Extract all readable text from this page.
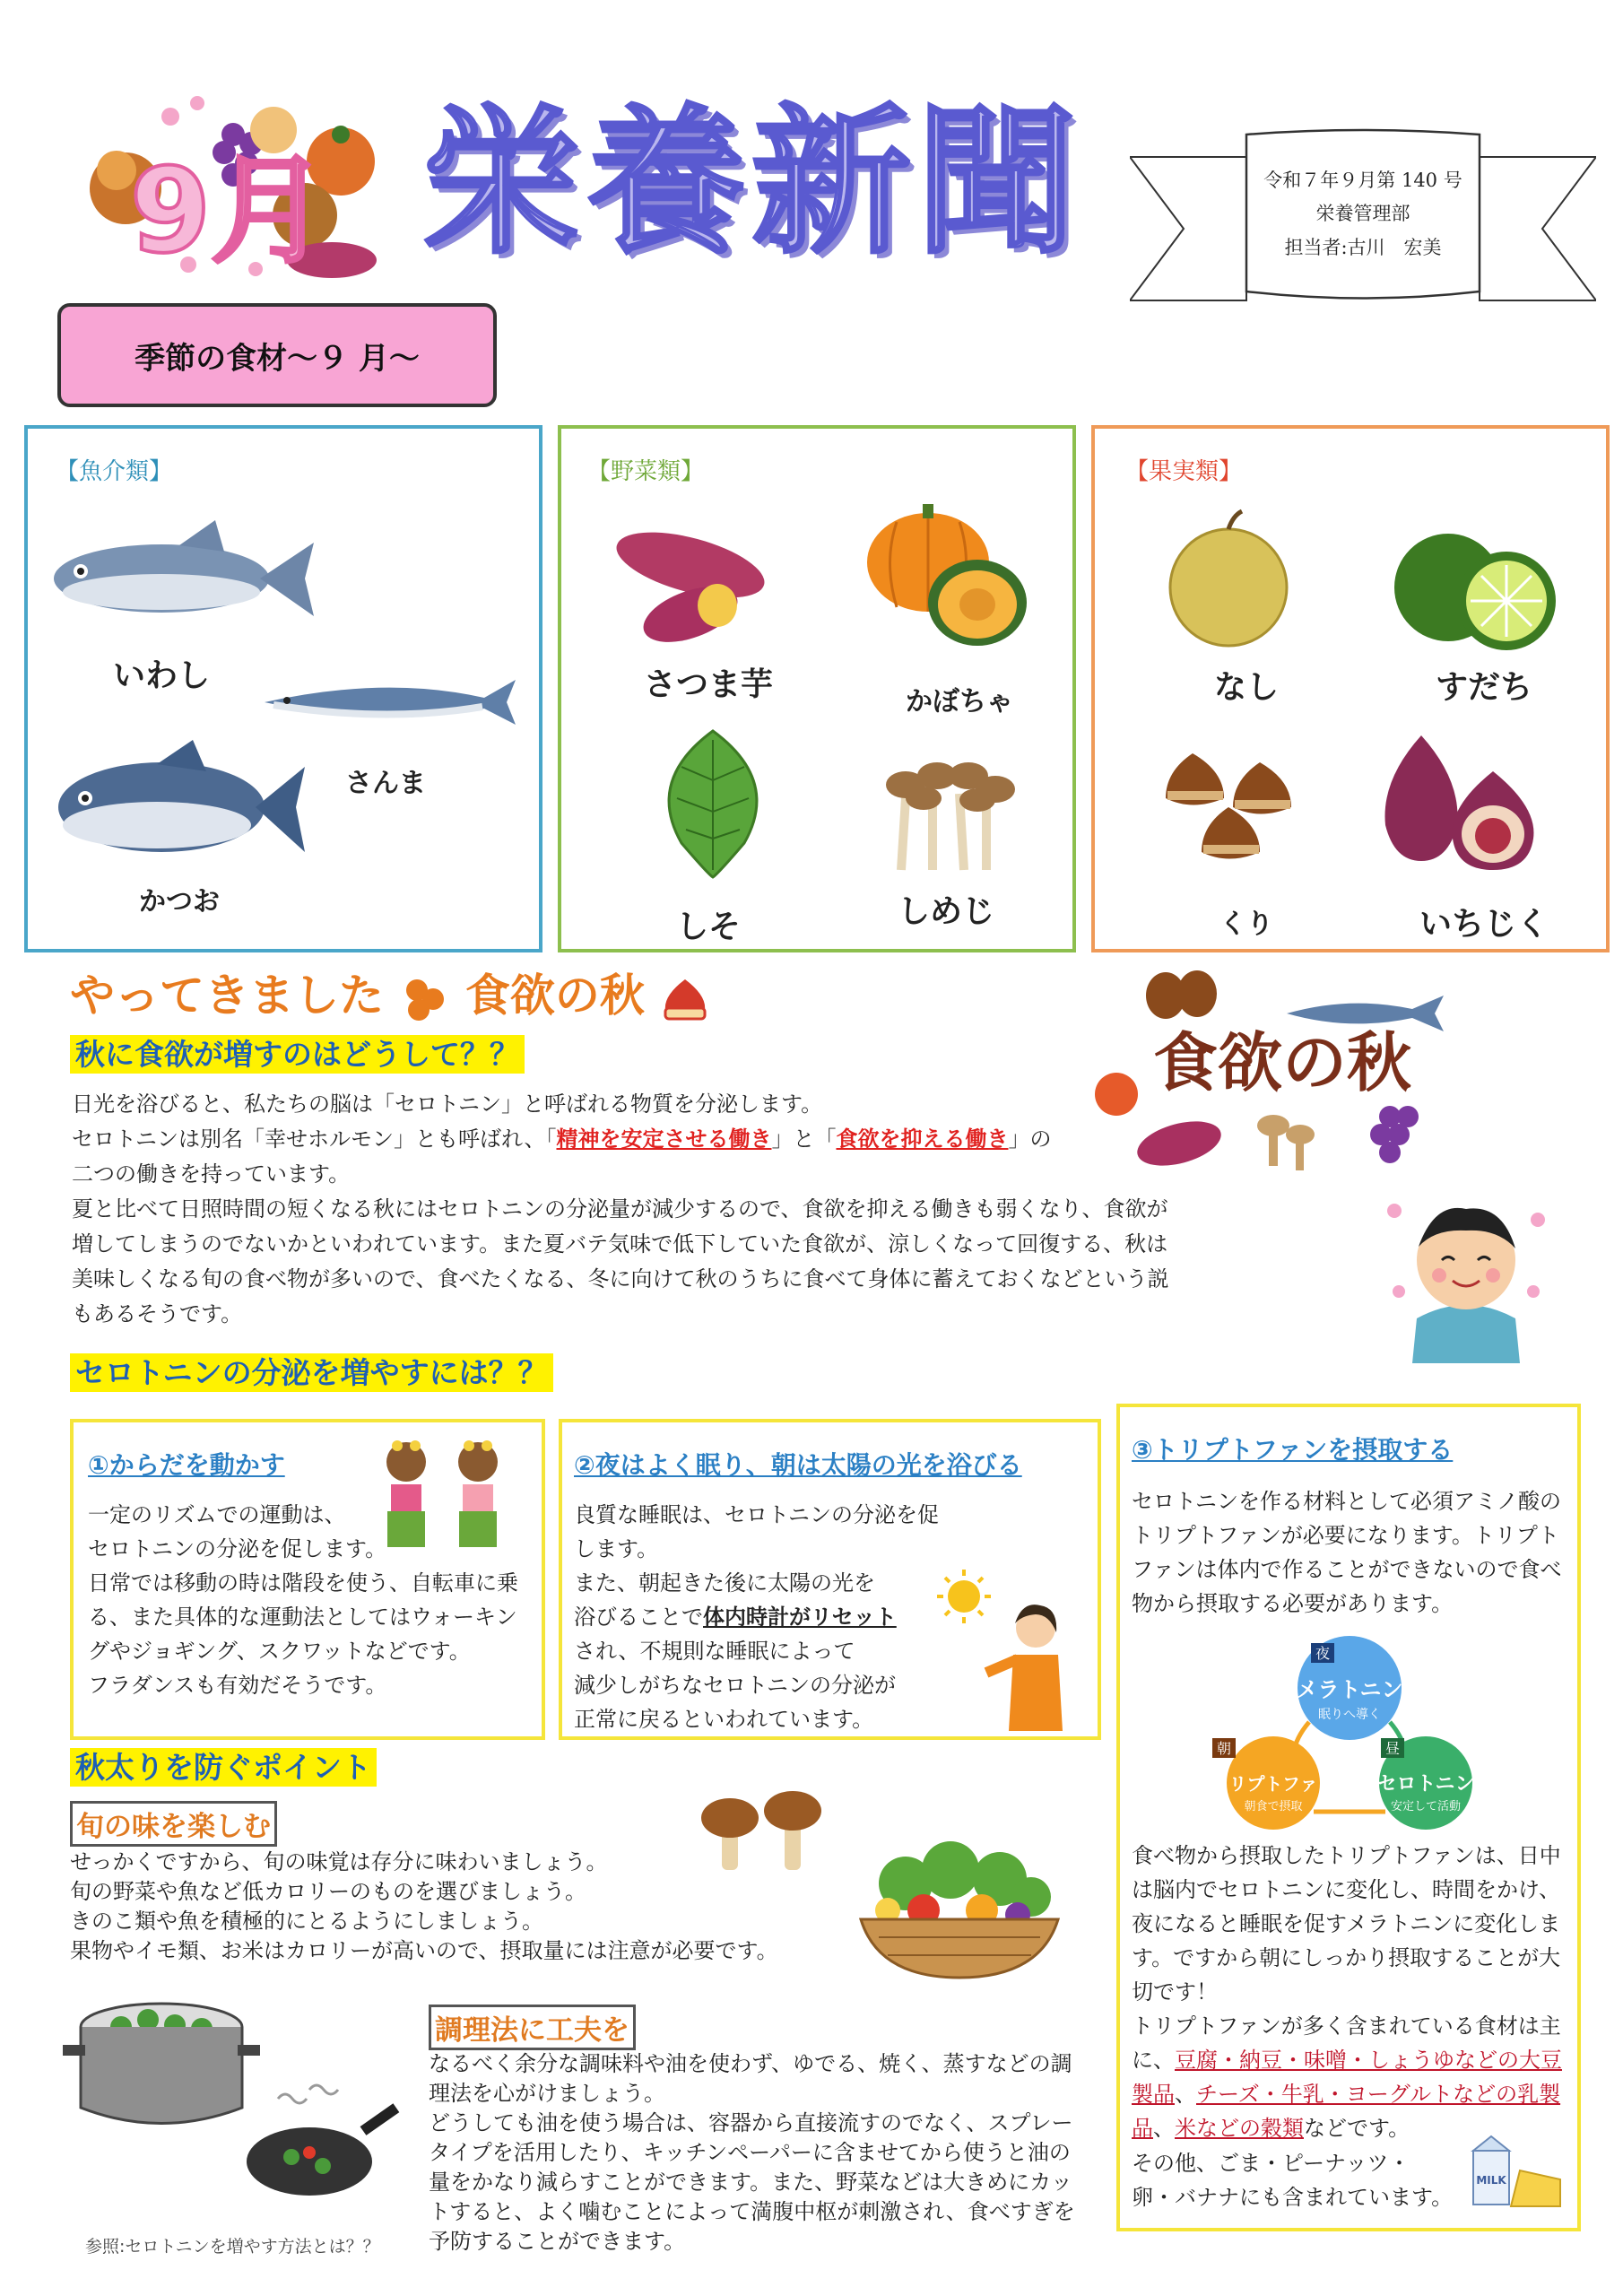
9月 栄養新聞	令和７年９月第 140 号
栄養管理部
担当者:古川　宏美
季節の食材〜９ 月〜
【魚介類】
いわし
さんま
かつお
【野菜類】
さつま芋	かぼちゃ
しそ	しめじ
【果実類】
なし	すだち
くり	いちじく
やってきました 食欲の秋
食欲の秋
秋に食欲が増すのはどうして？？
日光を浴びると、私たちの脳は「セロトニン」と呼ばれる物質を分泌します。
セロトニンは別名「幸せホルモン」とも呼ばれ、「精神を安定させる働き」と「食欲を抑える働き」の
二つの働きを持っています。
夏と比べて日照時間の短くなる秋にはセロトニンの分泌量が減少するので、食欲を抑える働きも弱くなり、食欲が増してしまうのでないかといわれています。また夏バテ気味で低下していた食欲が、涼しくなって回復する、秋は美味しくなる旬の食べ物が多いので、食べたくなる、冬に向けて秋のうちに食べて身体に蓄えておくなどという説もあるそうです。
セロトニンの分泌を増やすには？？
①からだを動かす
一定のリズムでの運動は、
セロトニンの分泌を促します。
日常では移動の時は階段を使う、自転車に乗る、また具体的な運動法としてはウォーキングやジョギング、スクワットなどです。
フラダンスも有効だそうです。
②夜はよく眠り、朝は太陽の光を浴びる
良質な睡眠は、セロトニンの分泌を促します。
また、朝起きた後に太陽の光を
浴びることで体内時計がリセット
され、不規則な睡眠によって
減少しがちなセロトニンの分泌が
正常に戻るといわれています。
③トリプトファンを摂取する
セロトニンを作る材料として必須アミノ酸のトリプトファンが必要になります。トリプトファンは体内で作ることができないので食べ物から摂取する必要があります。
夜
メラトニン
眠りへ導く
朝
トリプトファン
朝食で摂取
昼
セロトニン
安定して活動
食べ物から摂取したトリプトファンは、日中は脳内でセロトニンに変化し、時間をかけ、夜になると睡眠を促すメラトニンに変化します。ですから朝にしっかり摂取することが大切です！
トリプトファンが多く含まれている食材は主に、豆腐・納豆・味噌・しょうゆなどの大豆製品、チーズ・牛乳・ヨーグルトなどの乳製品、米などの穀類などです。
その他、ごま・ピーナッツ・
卵・バナナにも含まれています。
MILK
秋太りを防ぐポイント
旬の味を楽しむ
せっかくですから、旬の味覚は存分に味わいましょう。
旬の野菜や魚など低カロリーのものを選びましょう。
きのこ類や魚を積極的にとるようにしましょう。
果物やイモ類、お米はカロリーが高いので、摂取量には注意が必要です。
参照:セロトニンを増やす方法とは？？
調理法に工夫を
なるべく余分な調味料や油を使わず、ゆでる、焼く、蒸すなどの調理法を心がけましょう。
どうしても油を使う場合は、容器から直接流すのでなく、スプレータイプを活用したり、キッチンペーパーに含ませてから使うと油の量をかなり減らすことができます。また、野菜などは大きめにカットすると、よく噛むことによって満腹中枢が刺激され、食べすぎを予防することができます。
